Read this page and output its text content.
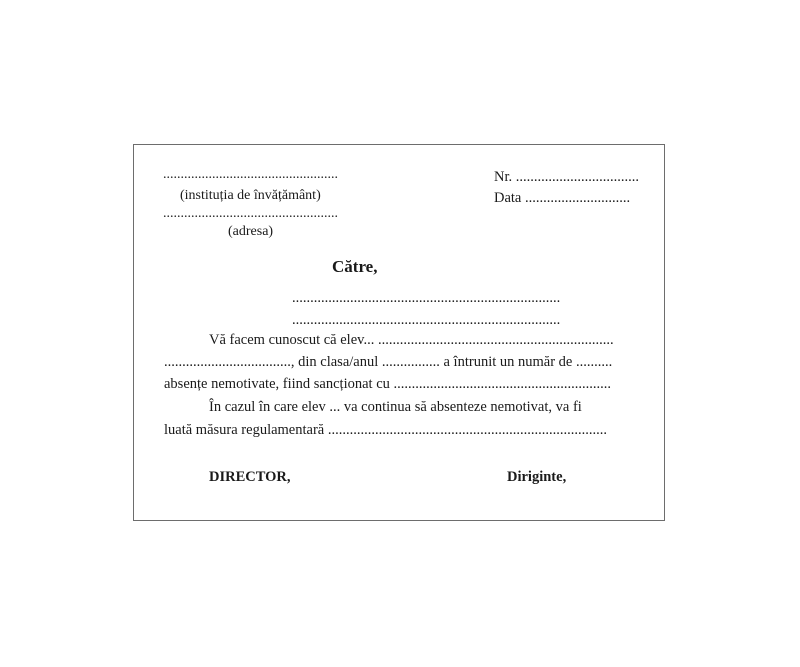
..................................................
(instituția de învățământ)
..................................................
(adresa)
Nr. ..................................
Data .............................
Către,
..........................................................................
..........................................................................
Vă facem cunoscut că elev... .................................................................
..................................., din clasa/anul ................ a întrunit un număr de ..........
absențe nemotivate, fiind sancționat cu ............................................................
În cazul în care elev ... va continua să absenteze nemotivat, va fi
luată măsura regulamentară .............................................................................
DIRECTOR,	Diriginte,
